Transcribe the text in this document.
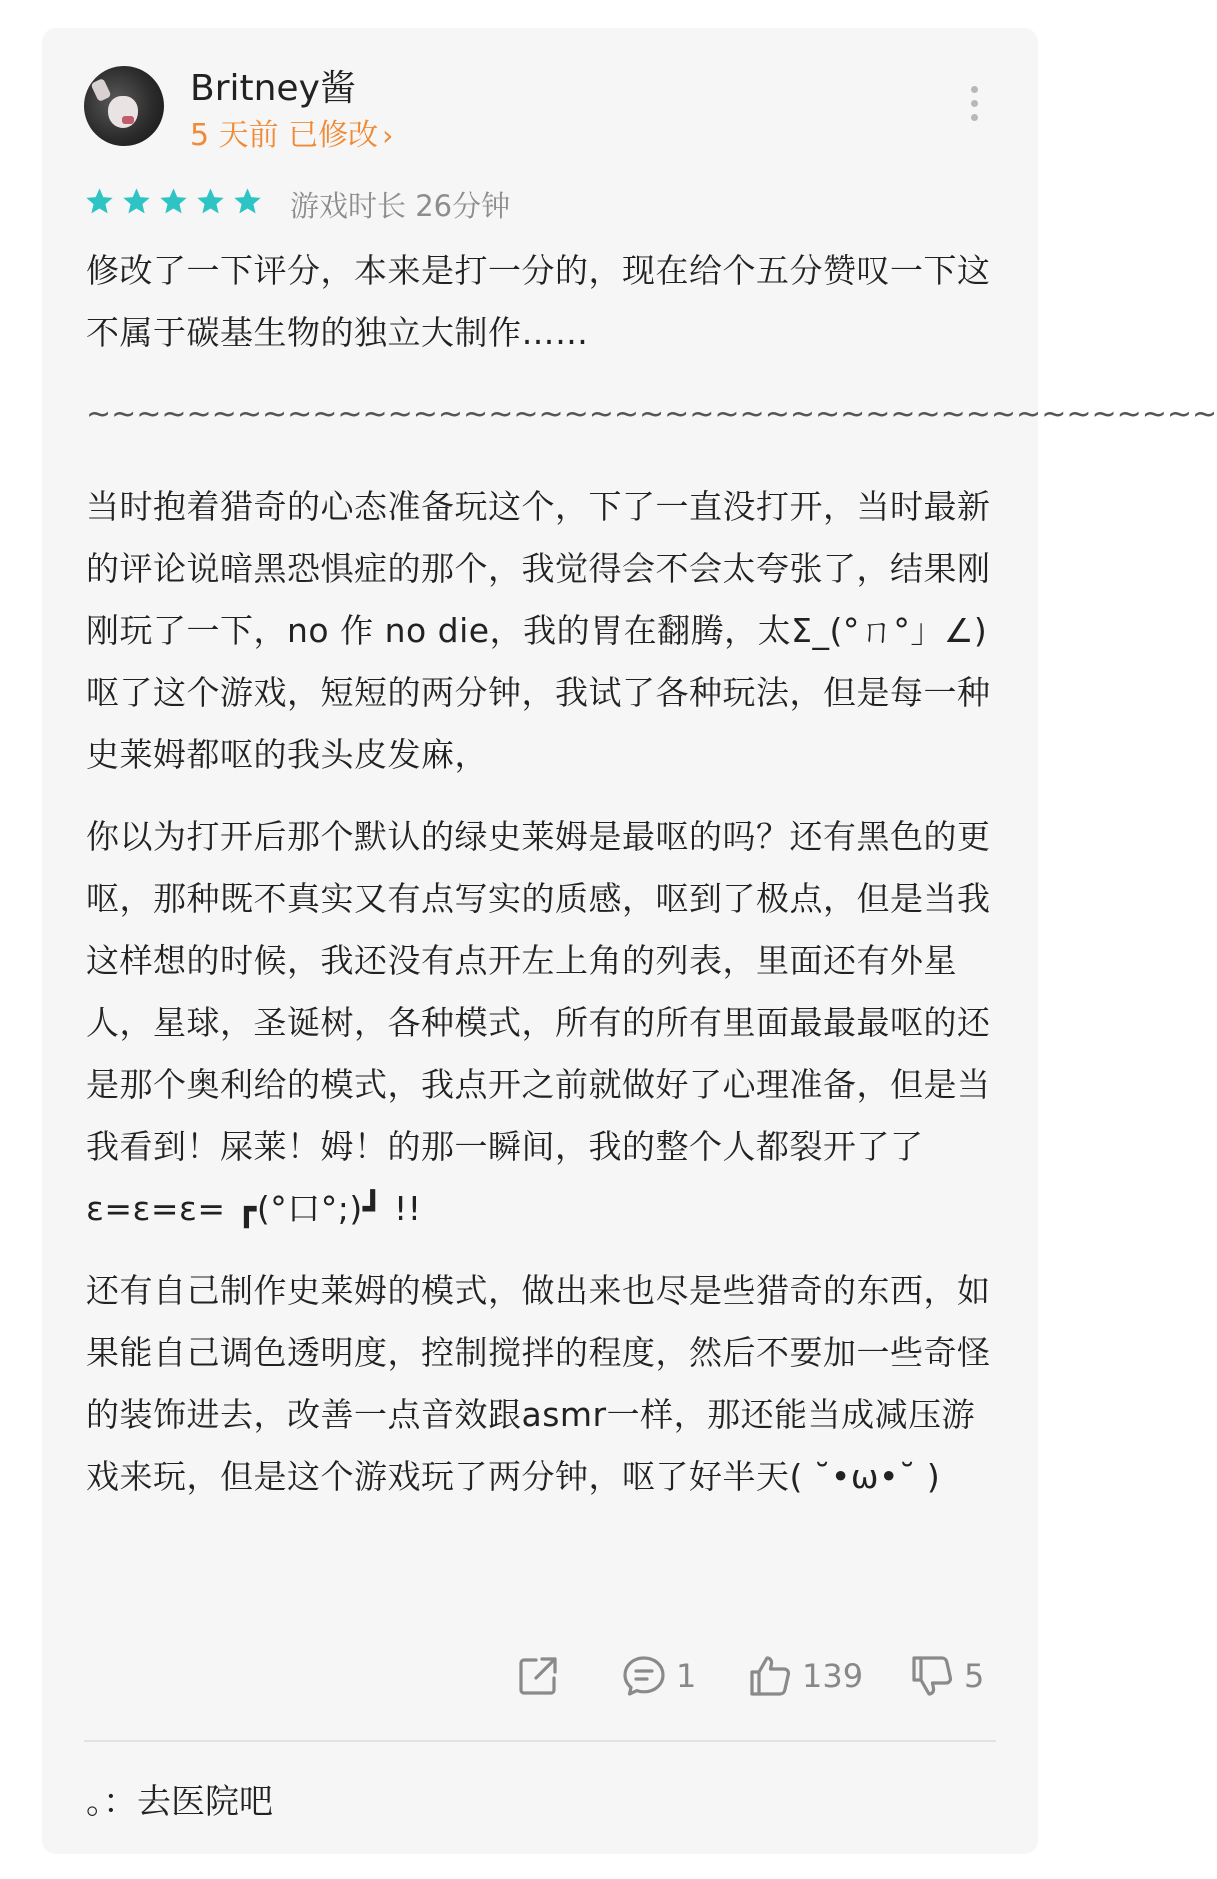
Britney酱
5 天前 已修改 ›
游戏时长 26分钟

修改了一下评分，本来是打一分的，现在给个五分赞叹一下这不属于碳基生物的独立大制作……

~~~~~~~~~~~~~~~~~~~~~~~~~~~~~~~~~~~~~~~~~~~~~

当时抱着猎奇的心态准备玩这个，下了一直没打开，当时最新的评论说暗黑恐惧症的那个，我觉得会不会太夸张了，结果刚刚玩了一下，no 作 no die，我的胃在翻腾，太Σ_(°ㄇ°」∠)呕了这个游戏，短短的两分钟，我试了各种玩法，但是每一种史莱姆都呕的我头皮发麻，

你以为打开后那个默认的绿史莱姆是最呕的吗？还有黑色的更呕，那种既不真实又有点写实的质感，呕到了极点，但是当我这样想的时候，我还没有点开左上角的列表，里面还有外星人，星球，圣诞树，各种模式，所有的所有里面最最最呕的还是那个奥利给的模式，我点开之前就做好了心理准备，但是当我看到！屎莱！姆！的那一瞬间，我的整个人都裂开了了ε=ε=ε= ┏(°口°;)┛ !!

还有自己制作史莱姆的模式，做出来也尽是些猎奇的东西，如果能自己调色透明度，控制搅拌的程度，然后不要加一些奇怪的装饰进去，改善一点音效跟asmr一样，那还能当成减压游戏来玩，但是这个游戏玩了两分钟，呕了好半天( ˘•ω•˘ )

1	139	5
。：去医院吧
